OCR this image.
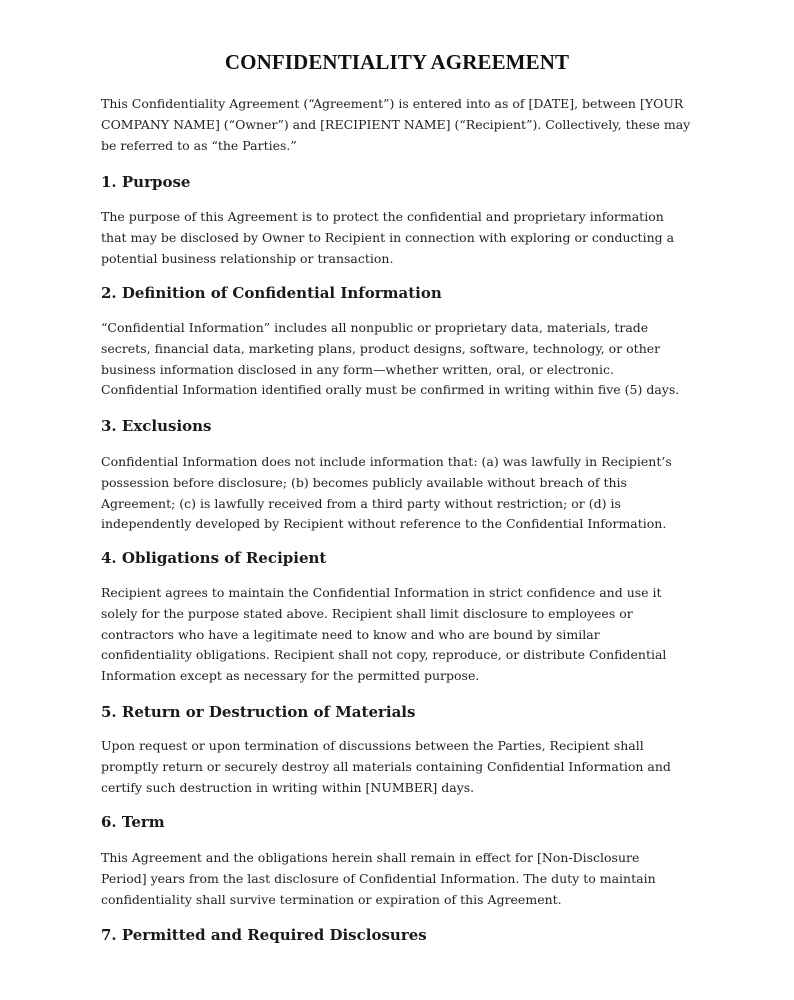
CONFIDENTIALITY AGREEMENT
This Confidentiality Agreement (“Agreement”) is entered into as of [DATE], between [YOUR
COMPANY NAME] (“Owner”) and [RECIPIENT NAME] (“Recipient”). Collectively, these may
be referred to as “the Parties.”
1. Purpose
The purpose of this Agreement is to protect the confidential and proprietary information
that may be disclosed by Owner to Recipient in connection with exploring or conducting a
potential business relationship or transaction.
2. Definition of Confidential Information
“Confidential Information” includes all nonpublic or proprietary data, materials, trade
secrets, financial data, marketing plans, product designs, software, technology, or other
business information disclosed in any form—whether written, oral, or electronic.
Confidential Information identified orally must be confirmed in writing within five (5) days.
3. Exclusions
Confidential Information does not include information that: (a) was lawfully in Recipient’s
possession before disclosure; (b) becomes publicly available without breach of this
Agreement; (c) is lawfully received from a third party without restriction; or (d) is
independently developed by Recipient without reference to the Confidential Information.
4. Obligations of Recipient
Recipient agrees to maintain the Confidential Information in strict confidence and use it
solely for the purpose stated above. Recipient shall limit disclosure to employees or
contractors who have a legitimate need to know and who are bound by similar
confidentiality obligations. Recipient shall not copy, reproduce, or distribute Confidential
Information except as necessary for the permitted purpose.
5. Return or Destruction of Materials
Upon request or upon termination of discussions between the Parties, Recipient shall
promptly return or securely destroy all materials containing Confidential Information and
certify such destruction in writing within [NUMBER] days.
6. Term
This Agreement and the obligations herein shall remain in effect for [Non-Disclosure
Period] years from the last disclosure of Confidential Information. The duty to maintain
confidentiality shall survive termination or expiration of this Agreement.
7. Permitted and Required Disclosures
